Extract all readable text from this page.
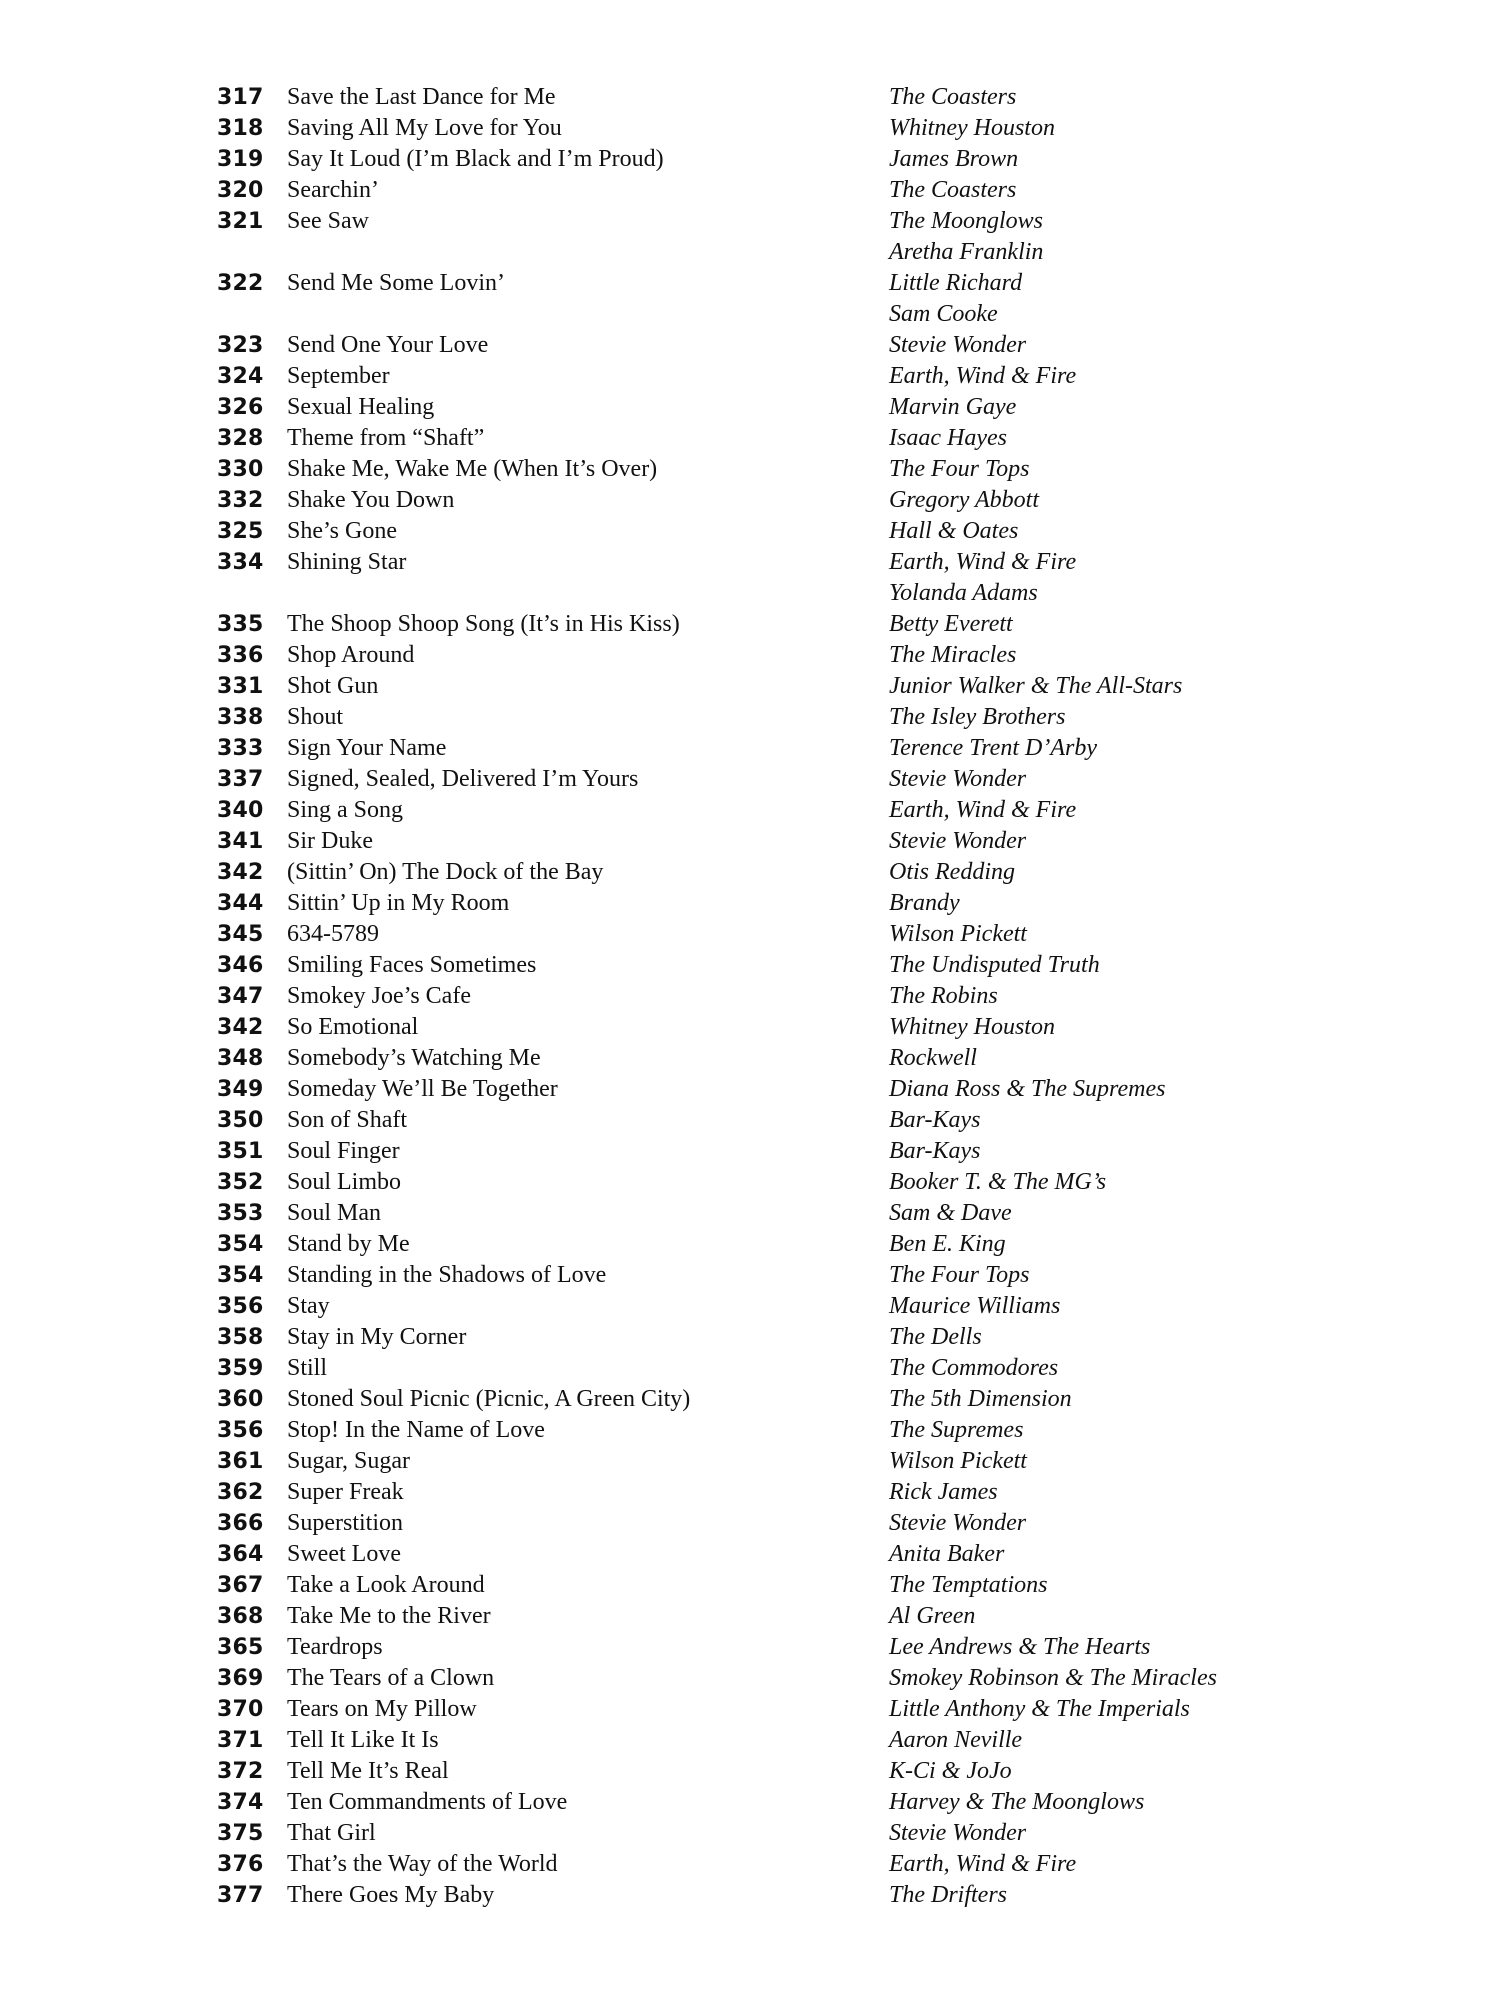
317 Save the Last Dance for Me	The Coasters
318 Saving All My Love for You	Whitney Houston
319 Say It Loud (I’m Black and I’m Proud)	James Brown
320 Searchin’	The Coasters
321 See Saw	The Moonglows
Aretha Franklin
322 Send Me Some Lovin’	Little Richard
Sam Cooke
323 Send One Your Love	Stevie Wonder
324 September	Earth, Wind & Fire
326 Sexual Healing	Marvin Gaye
328 Theme from “Shaft”	Isaac Hayes
330 Shake Me, Wake Me (When It’s Over)	The Four Tops
332 Shake You Down	Gregory Abbott
325 She’s Gone	Hall & Oates
334 Shining Star	Earth, Wind & Fire
Yolanda Adams
335 The Shoop Shoop Song (It’s in His Kiss)	Betty Everett
336 Shop Around	The Miracles
331 Shot Gun	Junior Walker & The All-Stars
338 Shout	The Isley Brothers
333 Sign Your Name	Terence Trent D’Arby
337 Signed, Sealed, Delivered I’m Yours	Stevie Wonder
340 Sing a Song	Earth, Wind & Fire
341 Sir Duke	Stevie Wonder
342 (Sittin’ On) The Dock of the Bay	Otis Redding
344 Sittin’ Up in My Room	Brandy
345 634-5789	Wilson Pickett
346 Smiling Faces Sometimes	The Undisputed Truth
347 Smokey Joe’s Cafe	The Robins
342 So Emotional	Whitney Houston
348 Somebody’s Watching Me	Rockwell
349 Someday We’ll Be Together	Diana Ross & The Supremes
350 Son of Shaft	Bar-Kays
351 Soul Finger	Bar-Kays
352 Soul Limbo	Booker T. & The MG’s
353 Soul Man	Sam & Dave
354 Stand by Me	Ben E. King
354 Standing in the Shadows of Love	The Four Tops
356 Stay	Maurice Williams
358 Stay in My Corner	The Dells
359 Still	The Commodores
360 Stoned Soul Picnic (Picnic, A Green City)	The 5th Dimension
356 Stop! In the Name of Love	The Supremes
361 Sugar, Sugar	Wilson Pickett
362 Super Freak	Rick James
366 Superstition	Stevie Wonder
364 Sweet Love	Anita Baker
367 Take a Look Around	The Temptations
368 Take Me to the River	Al Green
365 Teardrops	Lee Andrews & The Hearts
369 The Tears of a Clown	Smokey Robinson & The Miracles
370 Tears on My Pillow	Little Anthony & The Imperials
371 Tell It Like It Is	Aaron Neville
372 Tell Me It’s Real	K-Ci & JoJo
374 Ten Commandments of Love	Harvey & The Moonglows
375 That Girl	Stevie Wonder
376 That’s the Way of the World	Earth, Wind & Fire
377 There Goes My Baby	The Drifters
